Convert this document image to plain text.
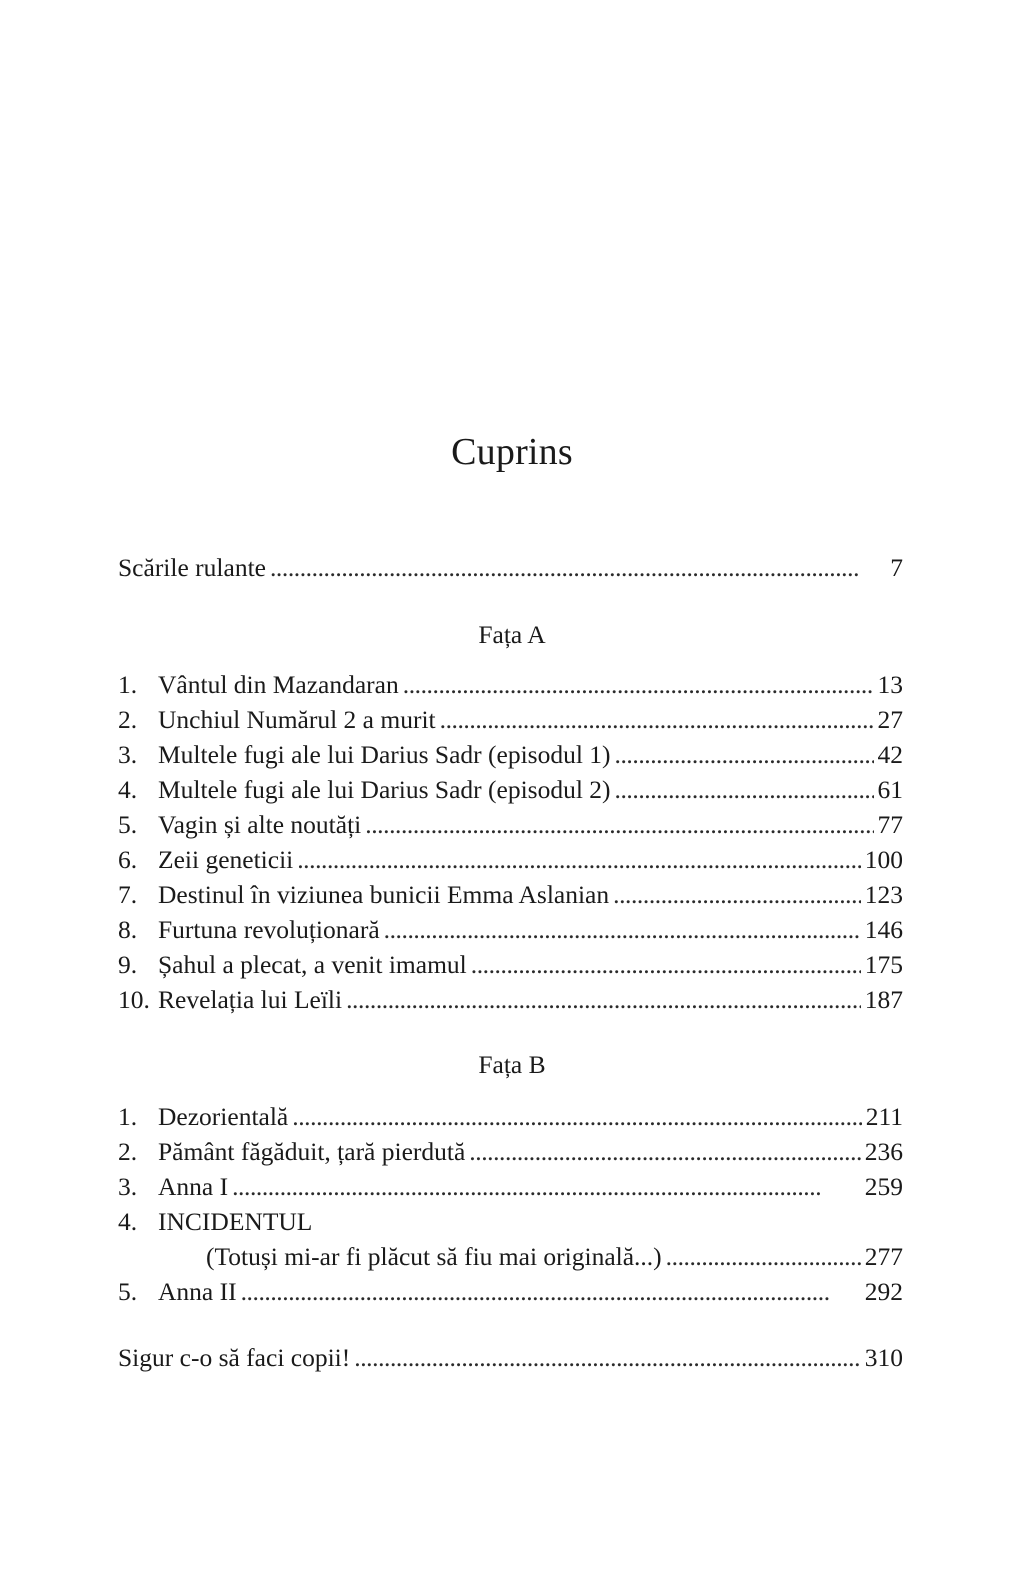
Cuprins
Scările rulante . . .	7
Fața A
1. Vântul din Mazandaran . . .	13
2. Unchiul Numărul 2 a murit . . .	27
3. Multele fugi ale lui Darius Sadr (episodul 1) . . .	42
4. Multele fugi ale lui Darius Sadr (episodul 2) . . .	61
5. Vagin și alte noutăți . . .	77
6. Zeii geneticii . . .	100
7. Destinul în viziunea bunicii Emma Aslanian . . .	123
8. Furtuna revoluționară . . .	146
9. Șahul a plecat, a venit imamul . . .	175
10. Revelația lui Leïli . . .	187
Fața B
1. Dezorientală . . .	211
2. Pământ făgăduit, țară pierdută . . .	236
3. Anna I . . .	259
4. INCIDENTUL
(Totuși mi-ar fi plăcut să fiu mai originală...) . . .	277
5. Anna II . . .	292
Sigur c-o să faci copii! . . .	310
